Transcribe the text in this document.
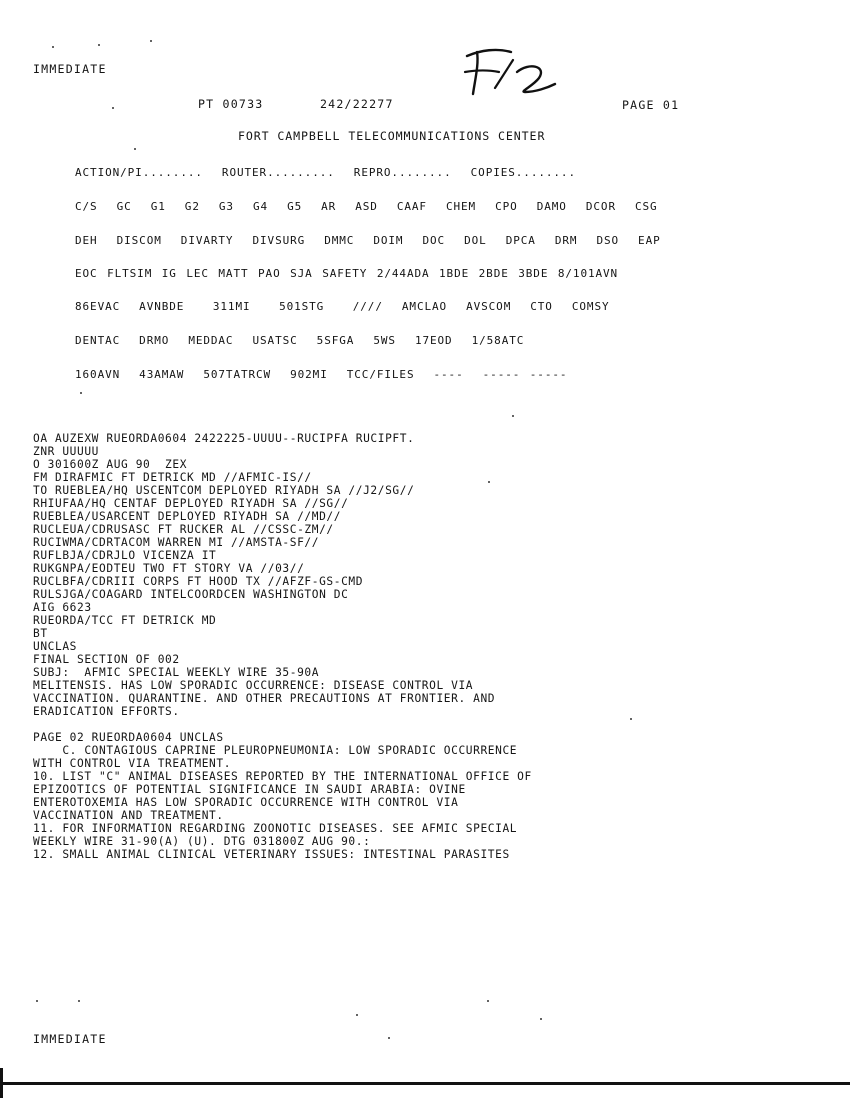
IMMEDIATE
PT 00733	242/22277	PAGE 01
FORT CAMPBELL TELECOMMUNICATIONS CENTER
ACTION/PI........  ROUTER.........  REPRO........  COPIES........
C/S  GC  G1  G2  G3  G4  G5  AR  ASD  CAAF  CHEM  CPO  DAMO  DCOR  CSG
DEH  DISCOM  DIVARTY  DIVSURG  DMMC  DOIM  DOC  DOL  DPCA  DRM  DSO  EAP
EOC FLTSIM IG LEC MATT PAO SJA SAFETY 2/44ADA 1BDE 2BDE 3BDE 8/101AVN
86EVAC  AVNBDE   311MI   501STG   ////  AMCLAO  AVSCOM  CTO  COMSY
DENTAC  DRMO  MEDDAC  USATSC  5SFGA  5WS  17EOD  1/58ATC
160AVN  43AMAW  507TATRCW  902MI  TCC/FILES  ----  ----- -----
OA AUZEXW RUEORDA0604 2422225-UUUU--RUCIPFA RUCIPFT.
ZNR UUUUU
O 301600Z AUG 90  ZEX
FM DIRAFMIC FT DETRICK MD //AFMIC-IS//
TO RUEBLEA/HQ USCENTCOM DEPLOYED RIYADH SA //J2/SG//
RHIUFAA/HQ CENTAF DEPLOYED RIYADH SA //SG//
RUEBLEA/USARCENT DEPLOYED RIYADH SA //MD//
RUCLEUA/CDRUSASC FT RUCKER AL //CSSC-ZM//
RUCIWMA/CDRTACOM WARREN MI //AMSTA-SF//
RUFLBJA/CDRJLO VICENZA IT
RUKGNPA/EODTEU TWO FT STORY VA //03//
RUCLBFA/CDRIII CORPS FT HOOD TX //AFZF-GS-CMD
RULSJGA/COAGARD INTELCOORDCEN WASHINGTON DC
AIG 6623
RUEORDA/TCC FT DETRICK MD
BT
UNCLAS
FINAL SECTION OF 002
SUBJ:  AFMIC SPECIAL WEEKLY WIRE 35-90A
MELITENSIS. HAS LOW SPORADIC OCCURRENCE: DISEASE CONTROL VIA
VACCINATION. QUARANTINE. AND OTHER PRECAUTIONS AT FRONTIER. AND
ERADICATION EFFORTS.
PAGE 02 RUEORDA0604 UNCLAS
C. CONTAGIOUS CAPRINE PLEUROPNEUMONIA: LOW SPORADIC OCCURRENCE
WITH CONTROL VIA TREATMENT.
10. LIST "C" ANIMAL DISEASES REPORTED BY THE INTERNATIONAL OFFICE OF
EPIZOOTICS OF POTENTIAL SIGNIFICANCE IN SAUDI ARABIA: OVINE
ENTEROTOXEMIA HAS LOW SPORADIC OCCURRENCE WITH CONTROL VIA
VACCINATION AND TREATMENT.
11. FOR INFORMATION REGARDING ZOONOTIC DISEASES. SEE AFMIC SPECIAL
WEEKLY WIRE 31-90(A) (U). DTG 031800Z AUG 90.:
12. SMALL ANIMAL CLINICAL VETERINARY ISSUES: INTESTINAL PARASITES
IMMEDIATE
